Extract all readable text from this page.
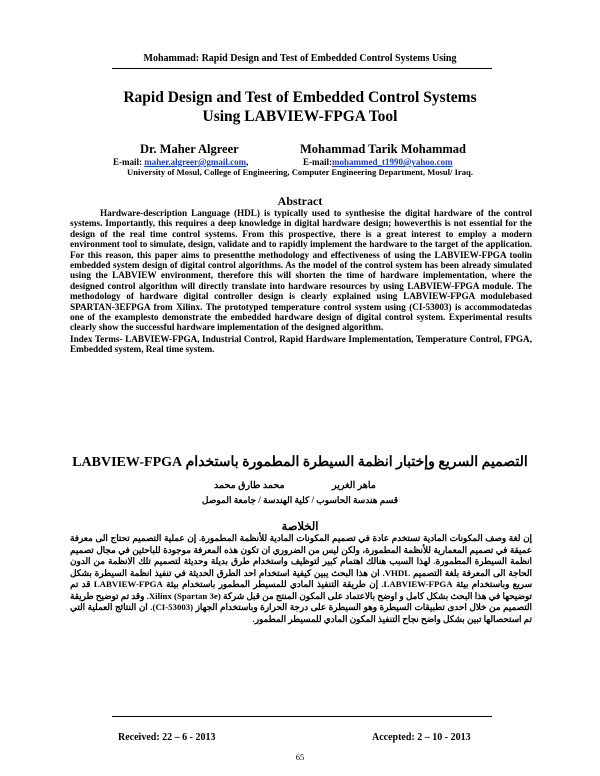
Mohammad: Rapid Design and Test of Embedded Control Systems Using
Rapid Design and Test of Embedded Control Systems
Using LABVIEW-FPGA Tool
Dr. Maher Algreer	Mohammad Tarik Mohammad
E-mail: maher.algreer@gmail.com,	E-mail:mohammed_t1990@yahoo.com
University of Mosul, College of Engineering, Computer Engineering Department, Mosul/ Iraq.
Abstract

Hardware-description Language (HDL) is typically used to synthesise the digital hardware of the control systems. Importantly, this requires a deep knowledge in digital hardware design; howeverthis is not essential for the design of the real time control systems. From this prospective, there is a great interest to employ a modern environment tool to simulate, design, validate and to rapidly implement the hardware to the target of the application. For this reason, this paper aims to presentthe methodology and effectiveness of using the LABVIEW-FPGA toolin embedded system design of digital control algorithms. As the model of the control system has been already simulated using the LABVIEW environment, therefore this will shorten the time of hardware implementation, where the designed control algorithm will directly translate into hardware resources by using LABVIEW-FPGA module. The methodology of hardware digital controller design is clearly explained using LABVIEW-FPGA modulebased SPARTAN-3EFPGA from Xilinx. The prototyped temperature control system using (CI-53003) is accommodatedas one of the examplesto demonstrate the embedded hardware design of digital control system. Experimental results clearly show the successful hardware implementation of the designed algorithm.

Index Terms- LABVIEW-FPGA, Industrial Control, Rapid Hardware Implementation, Temperature Control, FPGA, Embedded system, Real time system.

التصميم السريع وإختبار انظمة السيطرة المطمورة باستخدام LABVIEW-FPGA
ماهر الغرير
محمد طارق محمد
قسم هندسة الحاسوب / كلية الهندسة / جامعة الموصل
الخلاصة
إن لغة وصف المكونات المادية تستخدم عادة في تصميم المكونات المادية للأنظمة المطمورة. إن عملية التصميم تحتاج الى معرفة عميقة في تصميم المعمارية للأنظمة المطمورة، ولكن ليس من الضروري ان تكون هذه المعرفة موجودة للباحثين في مجال تصميم انظمة السيطرة المطمورة. لهذا السبب هنالك اهتمام كبير لتوظيف واستخدام طرق بديلة وحديثة لتصميم تلك الانظمة من الدون الحاجة الى المعرفة بلغة التصميم VHDL. ان هذا البحث يبين كيفية استخدام احد الطرق الحديثة في تنفيذ انظمة السيطرة بشكل سريع وباستخدام بيئة LABVIEW-FPGA. إن طريقة التنفيذ المادي للمسيطر المطمور باستخدام بيئة LABVIEW-FPGA قد تم توضيحها في هذا البحث بشكل كامل و اوضح بالاعتماد على المكون المنتج من قبل شركة Xilinx (Spartan 3e). وقد تم توضيح طريقة التصميم من خلال احدى تطبيقات السيطرة وهو السيطرة على درجة الحرارة وباستخدام الجهاز (CI-53003). ان النتائج العملية التي تم استحصالها تبين بشكل واضح نجاح التنفيذ المكون المادي للمسيطر المطمور.
Received: 22 – 6 - 2013	Accepted: 2 – 10 - 2013
65
